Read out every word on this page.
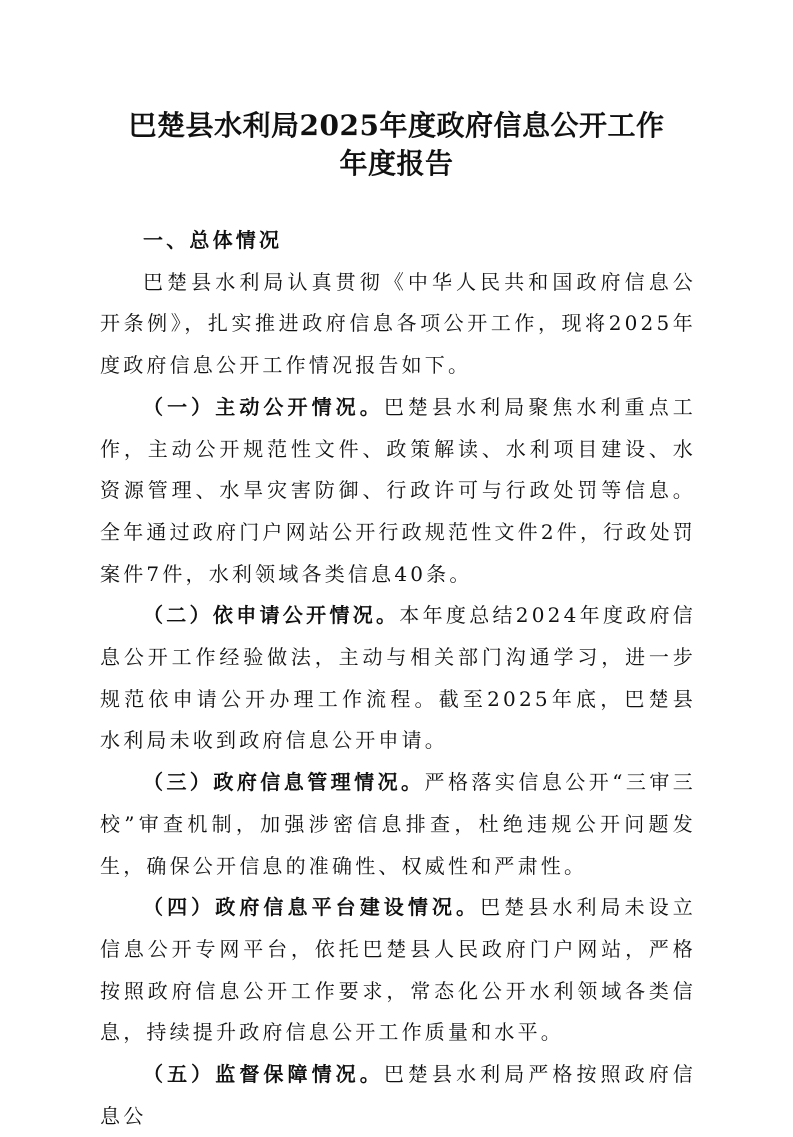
巴楚县水利局2025年度政府信息公开工作
年度报告

一、总体情况

巴楚县水利局认真贯彻《中华人民共和国政府信息公开条例》，扎实推进政府信息各项公开工作，现将2025年度政府信息公开工作情况报告如下。

（一）主动公开情况。巴楚县水利局聚焦水利重点工作，主动公开规范性文件、政策解读、水利项目建设、水资源管理、水旱灾害防御、行政许可与行政处罚等信息。全年通过政府门户网站公开行政规范性文件2件，行政处罚案件7件，水利领域各类信息40条。

（二）依申请公开情况。本年度总结2024年度政府信息公开工作经验做法，主动与相关部门沟通学习，进一步规范依申请公开办理工作流程。截至2025年底，巴楚县水利局未收到政府信息公开申请。

（三）政府信息管理情况。严格落实信息公开“三审三校”审查机制，加强涉密信息排查，杜绝违规公开问题发生，确保公开信息的准确性、权威性和严肃性。

（四）政府信息平台建设情况。巴楚县水利局未设立信息公开专网平台，依托巴楚县人民政府门户网站，严格按照政府信息公开工作要求，常态化公开水利领域各类信息，持续提升政府信息公开工作质量和水平。

（五）监督保障情况。巴楚县水利局严格按照政府信息公
